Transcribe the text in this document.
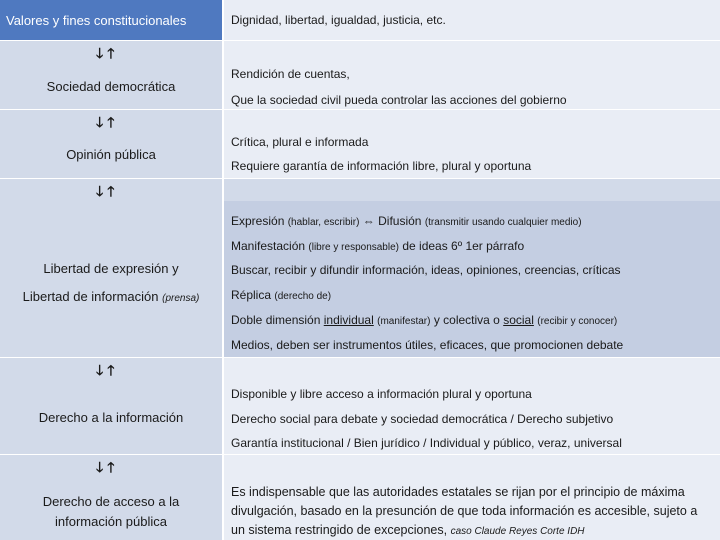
Valores y fines constitucionales	Dignidad, libertad, igualdad, justicia, etc.
🡓🡑
Sociedad democrática
Rendición de cuentas,
Que la sociedad civil pueda controlar las acciones del gobierno
🡓🡑
Opinión pública
Crítica, plural e informada
Requiere garantía de información libre, plural y oportuna
🡓🡑
Libertad de expresión y
Libertad de información (prensa)
Expresión (hablar, escribir) ⇔ Difusión (transmitir usando cualquier medio)
Manifestación (libre y responsable) de ideas 6º 1er párrafo
Buscar, recibir y difundir información, ideas, opiniones, creencias, críticas
Réplica (derecho de)
Doble dimensión individual (manifestar) y colectiva o social (recibir y conocer)
Medios, deben ser instrumentos útiles, eficaces, que promocionen debate
🡓🡑
Derecho a la información
Disponible y libre acceso a información plural y oportuna
Derecho social para debate y sociedad democrática / Derecho subjetivo
Garantía institucional / Bien jurídico / Individual y público, veraz, universal
🡓🡑
Derecho de acceso a la
información pública
Es indispensable que las autoridades estatales se rijan por el principio de máxima divulgación, basado en la presunción de que toda información es accesible, sujeto a un sistema restringido de excepciones, caso Claude Reyes Corte IDH
